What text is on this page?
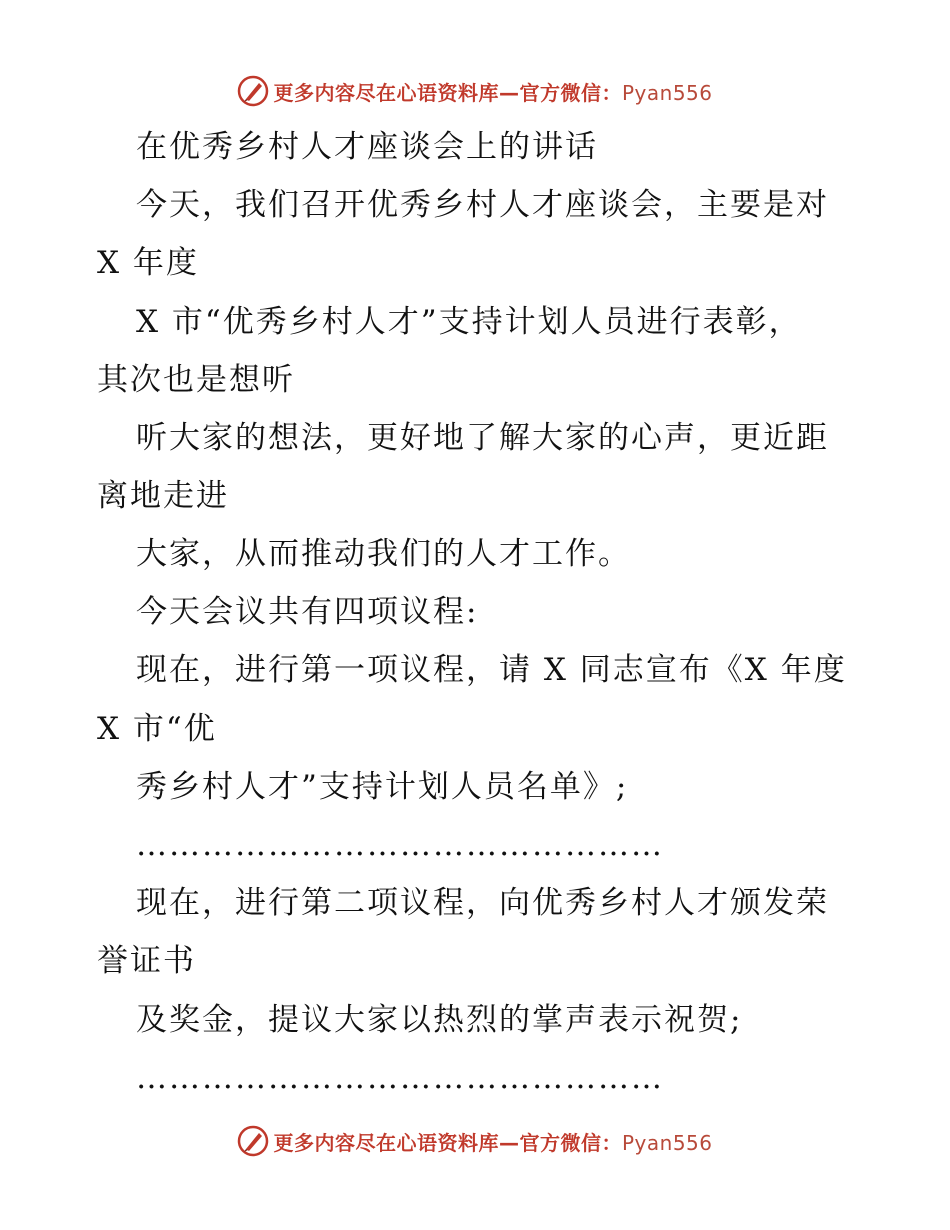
更多内容尽在心语资料库—官方微信：Pyan556
在优秀乡村人才座谈会上的讲话
今天，我们召开优秀乡村人才座谈会，主要是对
X 年度
X 市“优秀乡村人才”支持计划人员进行表彰，
其次也是想听
听大家的想法，更好地了解大家的心声，更近距
离地走进
大家，从而推动我们的人才工作。
今天会议共有四项议程:
现在，进行第一项议程，请 X 同志宣布《X 年度
X 市“优
秀乡村人才”支持计划人员名单》;
…………………………………………
现在，进行第二项议程，向优秀乡村人才颁发荣
誉证书
及奖金，提议大家以热烈的掌声表示祝贺;
…………………………………………
更多内容尽在心语资料库—官方微信：Pyan556
